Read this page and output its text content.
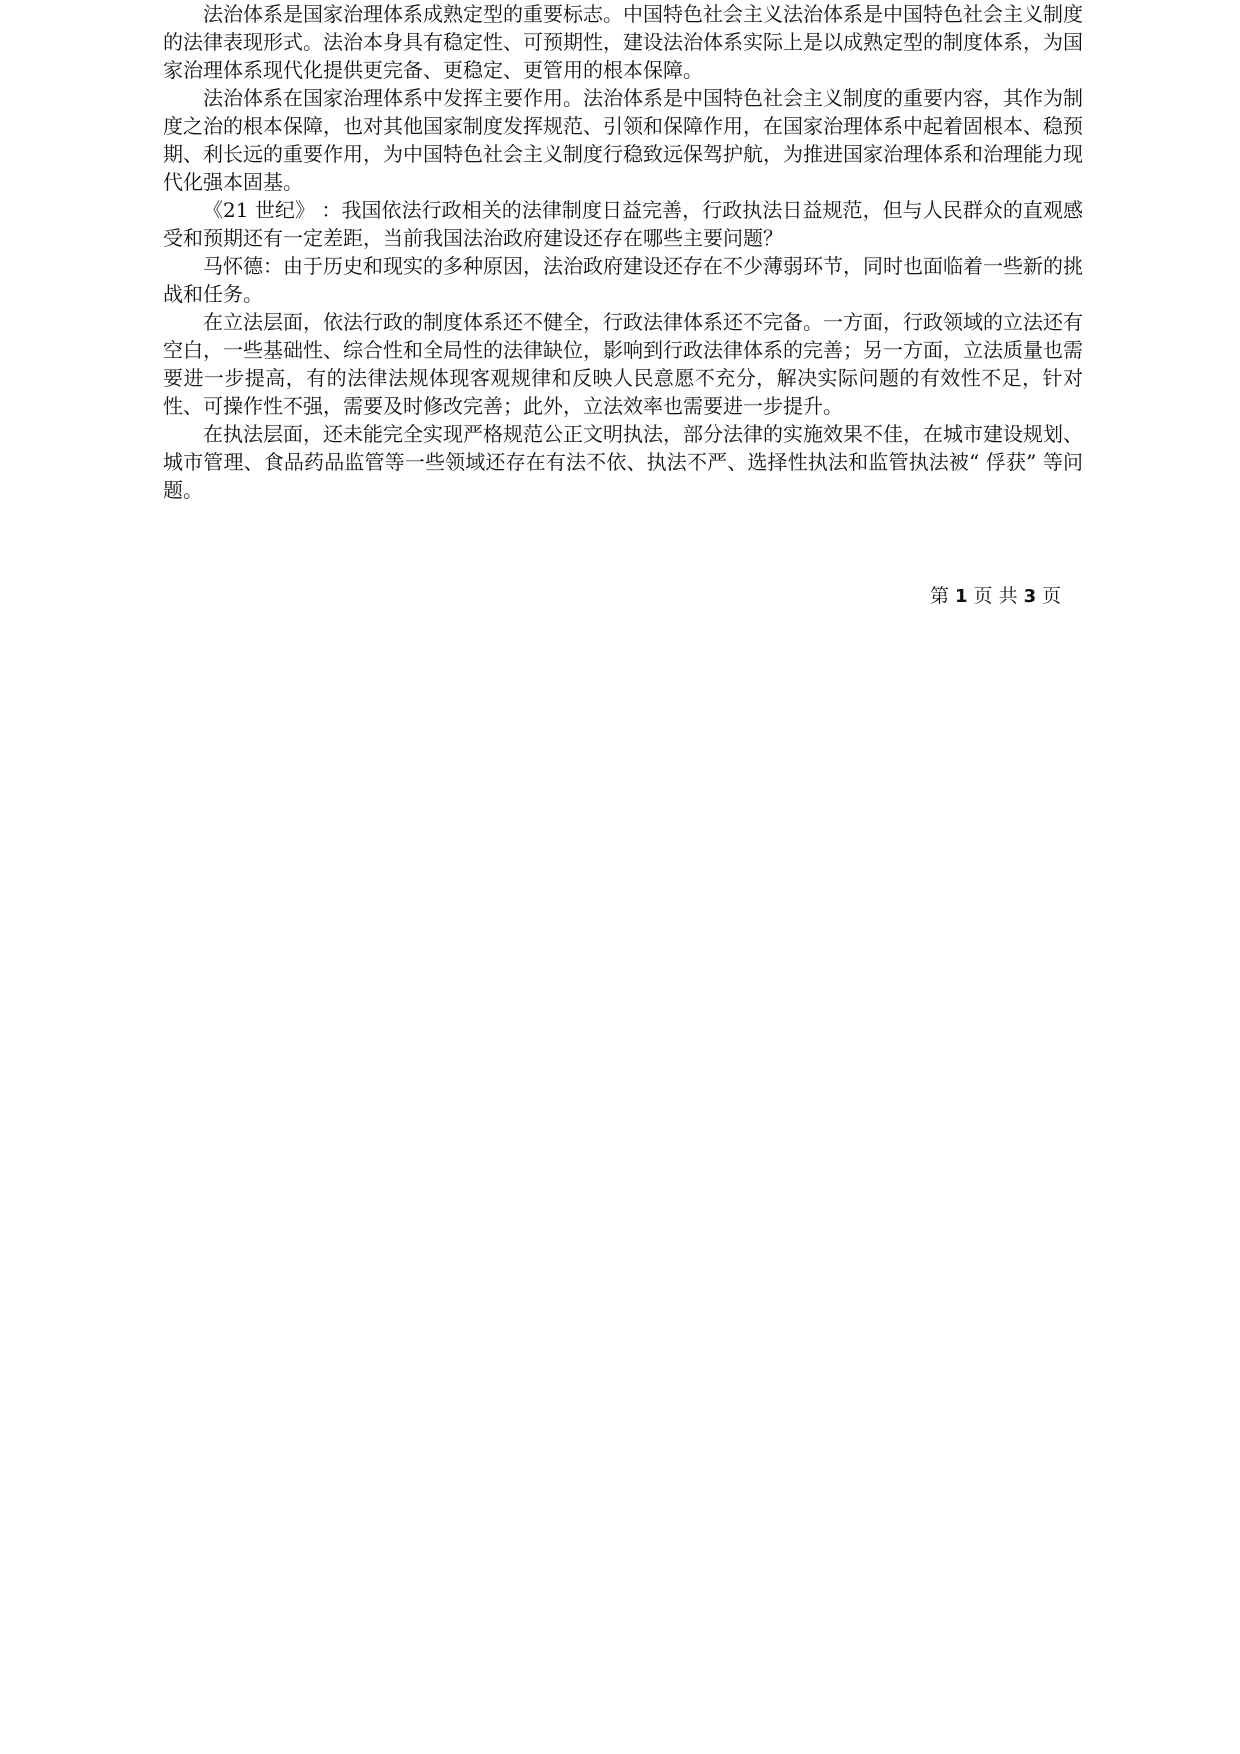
法治体系是国家治理体系成熟定型的重要标志。中国特色社会主义法治体系是中国特色社会主义制度的法律表现形式。法治本身具有稳定性、可预期性，建设法治体系实际上是以成熟定型的制度体系，为国家治理体系现代化提供更完备、更稳定、更管用的根本保障。

法治体系在国家治理体系中发挥主要作用。法治体系是中国特色社会主义制度的重要内容，其作为制度之治的根本保障，也对其他国家制度发挥规范、引领和保障作用，在国家治理体系中起着固根本、稳预期、利长远的重要作用，为中国特色社会主义制度行稳致远保驾护航，为推进国家治理体系和治理能力现代化强本固基。

《21 世纪》 ：我国依法行政相关的法律制度日益完善，行政执法日益规范，但与人民群众的直观感受和预期还有一定差距，当前我国法治政府建设还存在哪些主要问题？

马怀德：由于历史和现实的多种原因，法治政府建设还存在不少薄弱环节，同时也面临着一些新的挑战和任务。

在立法层面，依法行政的制度体系还不健全，行政法律体系还不完备。一方面，行政领域的立法还有空白，一些基础性、综合性和全局性的法律缺位，影响到行政法律体系的完善；另一方面，立法质量也需要进一步提高，有的法律法规体现客观规律和反映人民意愿不充分，解决实际问题的有效性不足，针对性、可操作性不强，需要及时修改完善；此外，立法效率也需要进一步提升。

在执法层面，还未能完全实现严格规范公正文明执法，部分法律的实施效果不佳，在城市建设规划、城市管理、食品药品监管等一些领域还存在有法不依、执法不严、选择性执法和监管执法被“ 俘获” 等问题。

第 1 页 共 3 页
